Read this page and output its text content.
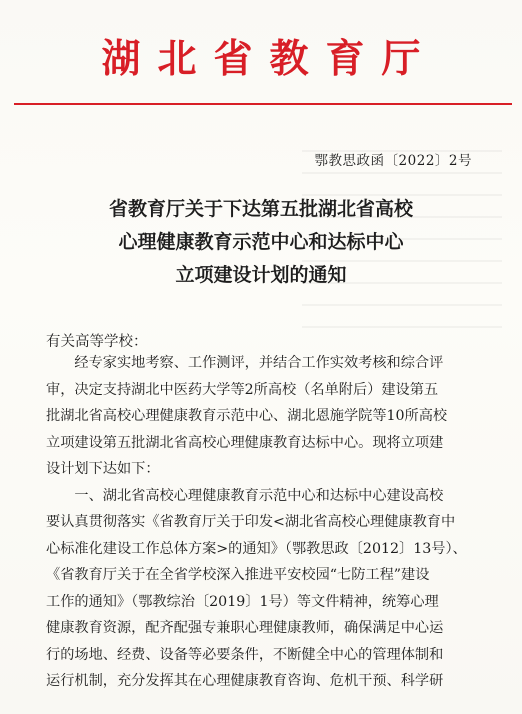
湖北省教育厅
鄂教思政函〔2022〕2号
省教育厅关于下达第五批湖北省高校
心理健康教育示范中心和达标中心
立项建设计划的通知
有关高等学校：
　　经专家实地考察、工作测评，并结合工作实效考核和综合评
审，决定支持湖北中医药大学等2所高校（名单附后）建设第五
批湖北省高校心理健康教育示范中心、湖北恩施学院等10所高校
立项建设第五批湖北省高校心理健康教育达标中心。现将立项建
设计划下达如下：
　　一、湖北省高校心理健康教育示范中心和达标中心建设高校
要认真贯彻落实《省教育厅关于印发<湖北省高校心理健康教育中
心标准化建设工作总体方案>的通知》（鄂教思政〔2012〕13号）、
《省教育厅关于在全省学校深入推进平安校园“七防工程”建设
工作的通知》（鄂教综治〔2019〕1号）等文件精神，统筹心理
健康教育资源，配齐配强专兼职心理健康教师，确保满足中心运
行的场地、经费、设备等必要条件，不断健全中心的管理体制和
运行机制，充分发挥其在心理健康教育咨询、危机干预、科学研
